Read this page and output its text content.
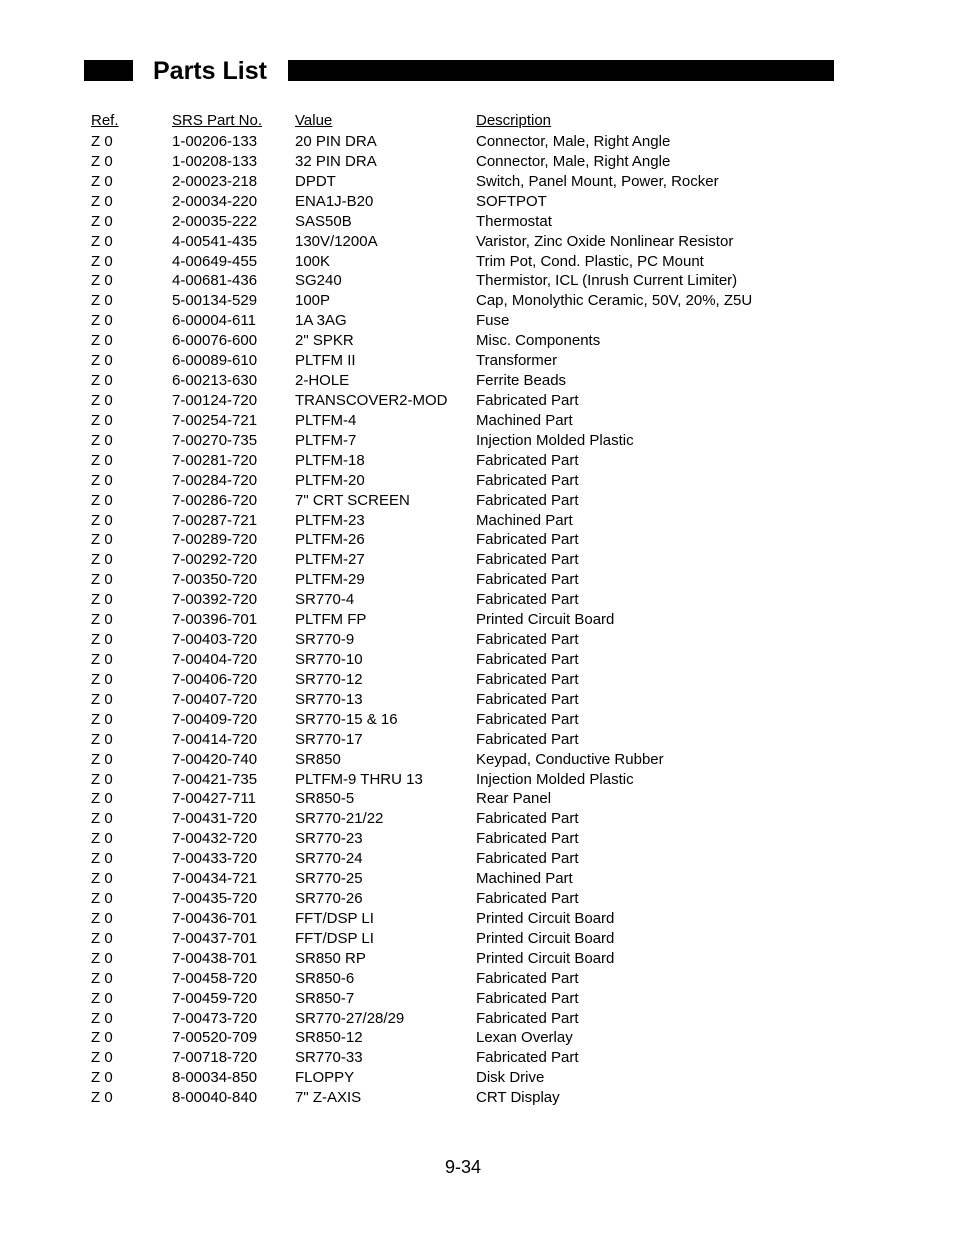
Parts List
Ref.	SRS Part No.	Value	Description
Z 0	1-00206-133	20 PIN DRA	Connector, Male, Right Angle
Z 0	1-00208-133	32 PIN DRA	Connector, Male, Right Angle
Z 0	2-00023-218	DPDT	Switch, Panel Mount, Power, Rocker
Z 0	2-00034-220	ENA1J-B20	SOFTPOT
Z 0	2-00035-222	SAS50B	Thermostat
Z 0	4-00541-435	130V/1200A	Varistor, Zinc Oxide Nonlinear Resistor
Z 0	4-00649-455	100K	Trim Pot, Cond. Plastic, PC Mount
Z 0	4-00681-436	SG240	Thermistor, ICL (Inrush Current Limiter)
Z 0	5-00134-529	100P	Cap, Monolythic Ceramic, 50V, 20%, Z5U
Z 0	6-00004-611	1A 3AG	Fuse
Z 0	6-00076-600	2" SPKR	Misc. Components
Z 0	6-00089-610	PLTFM II	Transformer
Z 0	6-00213-630	2-HOLE	Ferrite Beads
Z 0	7-00124-720	TRANSCOVER2-MOD	Fabricated Part
Z 0	7-00254-721	PLTFM-4	Machined Part
Z 0	7-00270-735	PLTFM-7	Injection Molded Plastic
Z 0	7-00281-720	PLTFM-18	Fabricated Part
Z 0	7-00284-720	PLTFM-20	Fabricated Part
Z 0	7-00286-720	7" CRT SCREEN	Fabricated Part
Z 0	7-00287-721	PLTFM-23	Machined Part
Z 0	7-00289-720	PLTFM-26	Fabricated Part
Z 0	7-00292-720	PLTFM-27	Fabricated Part
Z 0	7-00350-720	PLTFM-29	Fabricated Part
Z 0	7-00392-720	SR770-4	Fabricated Part
Z 0	7-00396-701	PLTFM FP	Printed Circuit Board
Z 0	7-00403-720	SR770-9	Fabricated Part
Z 0	7-00404-720	SR770-10	Fabricated Part
Z 0	7-00406-720	SR770-12	Fabricated Part
Z 0	7-00407-720	SR770-13	Fabricated Part
Z 0	7-00409-720	SR770-15 & 16	Fabricated Part
Z 0	7-00414-720	SR770-17	Fabricated Part
Z 0	7-00420-740	SR850	Keypad, Conductive Rubber
Z 0	7-00421-735	PLTFM-9 THRU 13	Injection Molded Plastic
Z 0	7-00427-711	SR850-5	Rear Panel
Z 0	7-00431-720	SR770-21/22	Fabricated Part
Z 0	7-00432-720	SR770-23	Fabricated Part
Z 0	7-00433-720	SR770-24	Fabricated Part
Z 0	7-00434-721	SR770-25	Machined Part
Z 0	7-00435-720	SR770-26	Fabricated Part
Z 0	7-00436-701	FFT/DSP LI	Printed Circuit Board
Z 0	7-00437-701	FFT/DSP LI	Printed Circuit Board
Z 0	7-00438-701	SR850 RP	Printed Circuit Board
Z 0	7-00458-720	SR850-6	Fabricated Part
Z 0	7-00459-720	SR850-7	Fabricated Part
Z 0	7-00473-720	SR770-27/28/29	Fabricated Part
Z 0	7-00520-709	SR850-12	Lexan Overlay
Z 0	7-00718-720	SR770-33	Fabricated Part
Z 0	8-00034-850	FLOPPY	Disk Drive
Z 0	8-00040-840	7" Z-AXIS	CRT Display
9-34
